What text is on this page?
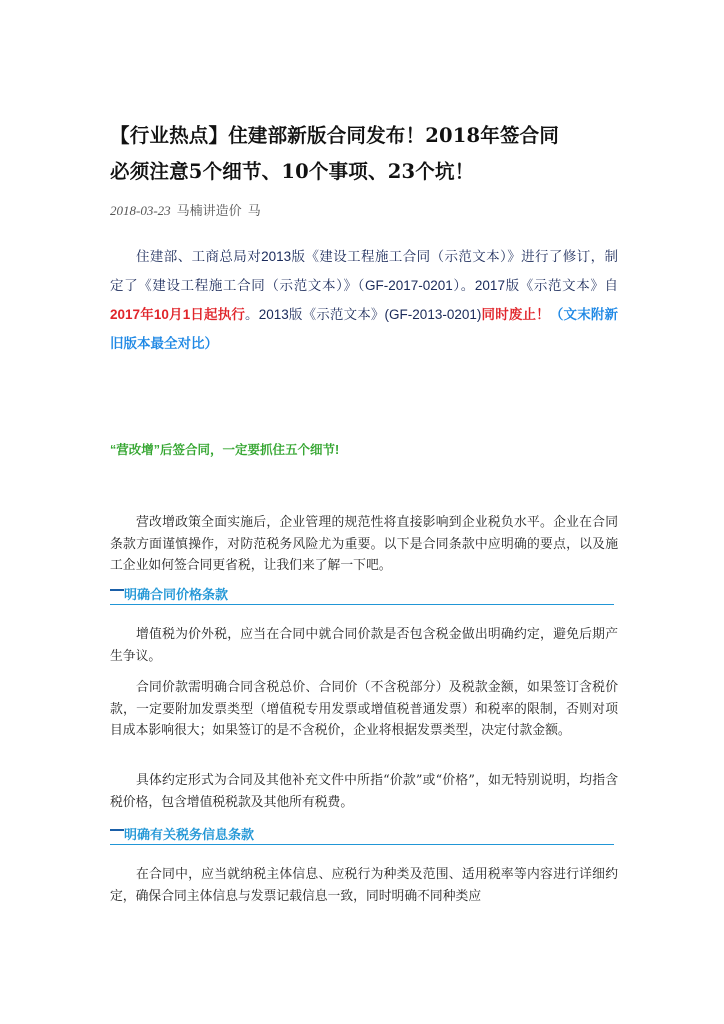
【行业热点】住建部新版合同发布！2018年签合同
必须注意5个细节、10个事项、23个坑！
2018-03-23 马楠讲造价 马
住建部、工商总局对2013版《建设工程施工合同（示范文本）》进行了修订，制定了《建设工程施工合同（示范文本）》（GF-2017-0201）。2017版《示范文本》自2017年10月1日起执行。2013版《示范文本》(GF-2013-0201)同时废止！（文末附新旧版本最全对比）
“营改增”后签合同，一定要抓住五个细节!
营改增政策全面实施后，企业管理的规范性将直接影响到企业税负水平。企业在合同条款方面谨慎操作，对防范税务风险尤为重要。以下是合同条款中应明确的要点，以及施工企业如何签合同更省税，让我们来了解一下吧。
明确合同价格条款
增值税为价外税，应当在合同中就合同价款是否包含税金做出明确约定，避免后期产生争议。
合同价款需明确合同含税总价、合同价（不含税部分）及税款金额，如果签订含税价款，一定要附加发票类型（增值税专用发票或增值税普通发票）和税率的限制，否则对项目成本影响很大；如果签订的是不含税价，企业将根据发票类型，决定付款金额。
具体约定形式为合同及其他补充文件中所指“价款”或“价格”，如无特别说明，均指含税价格，包含增值税税款及其他所有税费。
明确有关税务信息条款
在合同中，应当就纳税主体信息、应税行为种类及范围、适用税率等内容进行详细约定，确保合同主体信息与发票记载信息一致，同时明确不同种类应
